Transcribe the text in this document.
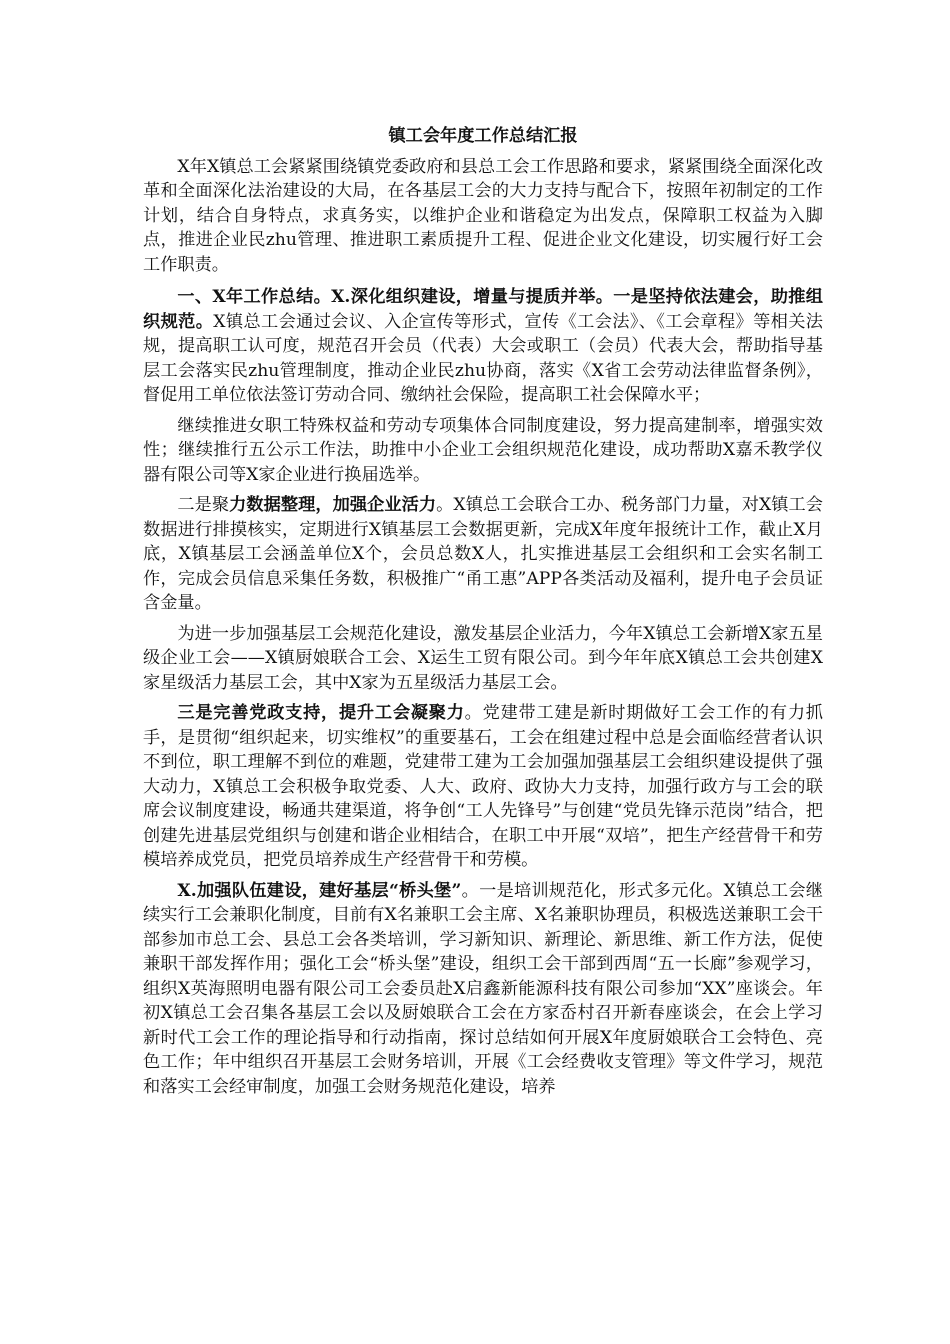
镇工会年度工作总结汇报

X年X镇总工会紧紧围绕镇党委政府和县总工会工作思路和要求，紧紧围绕全面深化改革和全面深化法治建设的大局，在各基层工会的大力支持与配合下，按照年初制定的工作计划，结合自身特点，求真务实，以维护企业和谐稳定为出发点，保障职工权益为入脚点，推进企业民zhu管理、推进职工素质提升工程、促进企业文化建设，切实履行好工会工作职责。

一、X年工作总结。X.深化组织建设，增量与提质并举。一是坚持依法建会，助推组织规范。X镇总工会通过会议、入企宣传等形式，宣传《工会法》、《工会章程》等相关法规，提高职工认可度，规范召开会员（代表）大会或职工（会员）代表大会，帮助指导基层工会落实民zhu管理制度，推动企业民zhu协商，落实《X省工会劳动法律监督条例》，督促用工单位依法签订劳动合同、缴纳社会保险，提高职工社会保障水平；

继续推进女职工特殊权益和劳动专项集体合同制度建设，努力提高建制率，增强实效性；继续推行五公示工作法，助推中小企业工会组织规范化建设，成功帮助X嘉禾教学仪器有限公司等X家企业进行换届选举。

二是聚力数据整理，加强企业活力。X镇总工会联合工办、税务部门力量，对X镇工会数据进行排摸核实，定期进行X镇基层工会数据更新，完成X年度年报统计工作，截止X月底，X镇基层工会涵盖单位X个，会员总数X人，扎实推进基层工会组织和工会实名制工作，完成会员信息采集任务数，积极推广“甬工惠”APP各类活动及福利，提升电子会员证含金量。

为进一步加强基层工会规范化建设，激发基层企业活力，今年X镇总工会新增X家五星级企业工会——X镇厨娘联合工会、X运生工贸有限公司。到今年年底X镇总工会共创建X家星级活力基层工会，其中X家为五星级活力基层工会。

三是完善党政支持，提升工会凝聚力。党建带工建是新时期做好工会工作的有力抓手，是贯彻“组织起来，切实维权”的重要基石，工会在组建过程中总是会面临经营者认识不到位，职工理解不到位的难题，党建带工建为工会加强加强基层工会组织建设提供了强大动力，X镇总工会积极争取党委、人大、政府、政协大力支持，加强行政方与工会的联席会议制度建设，畅通共建渠道，将争创“工人先锋号”与创建“党员先锋示范岗”结合，把创建先进基层党组织与创建和谐企业相结合，在职工中开展“双培”，把生产经营骨干和劳模培养成党员，把党员培养成生产经营骨干和劳模。

X.加强队伍建设，建好基层“桥头堡”。一是培训规范化，形式多元化。X镇总工会继续实行工会兼职化制度，目前有X名兼职工会主席、X名兼职协理员，积极选送兼职工会干部参加市总工会、县总工会各类培训，学习新知识、新理论、新思维、新工作方法，促使兼职干部发挥作用；强化工会“桥头堡”建设，组织工会干部到西周“五一长廊”参观学习，组织X英海照明电器有限公司工会委员赴X启鑫新能源科技有限公司参加“XX”座谈会。年初X镇总工会召集各基层工会以及厨娘联合工会在方家岙村召开新春座谈会，在会上学习新时代工会工作的理论指导和行动指南，探讨总结如何开展X年度厨娘联合工会特色、亮色工作；年中组织召开基层工会财务培训，开展《工会经费收支管理》等文件学习，规范和落实工会经审制度，加强工会财务规范化建设，培养
